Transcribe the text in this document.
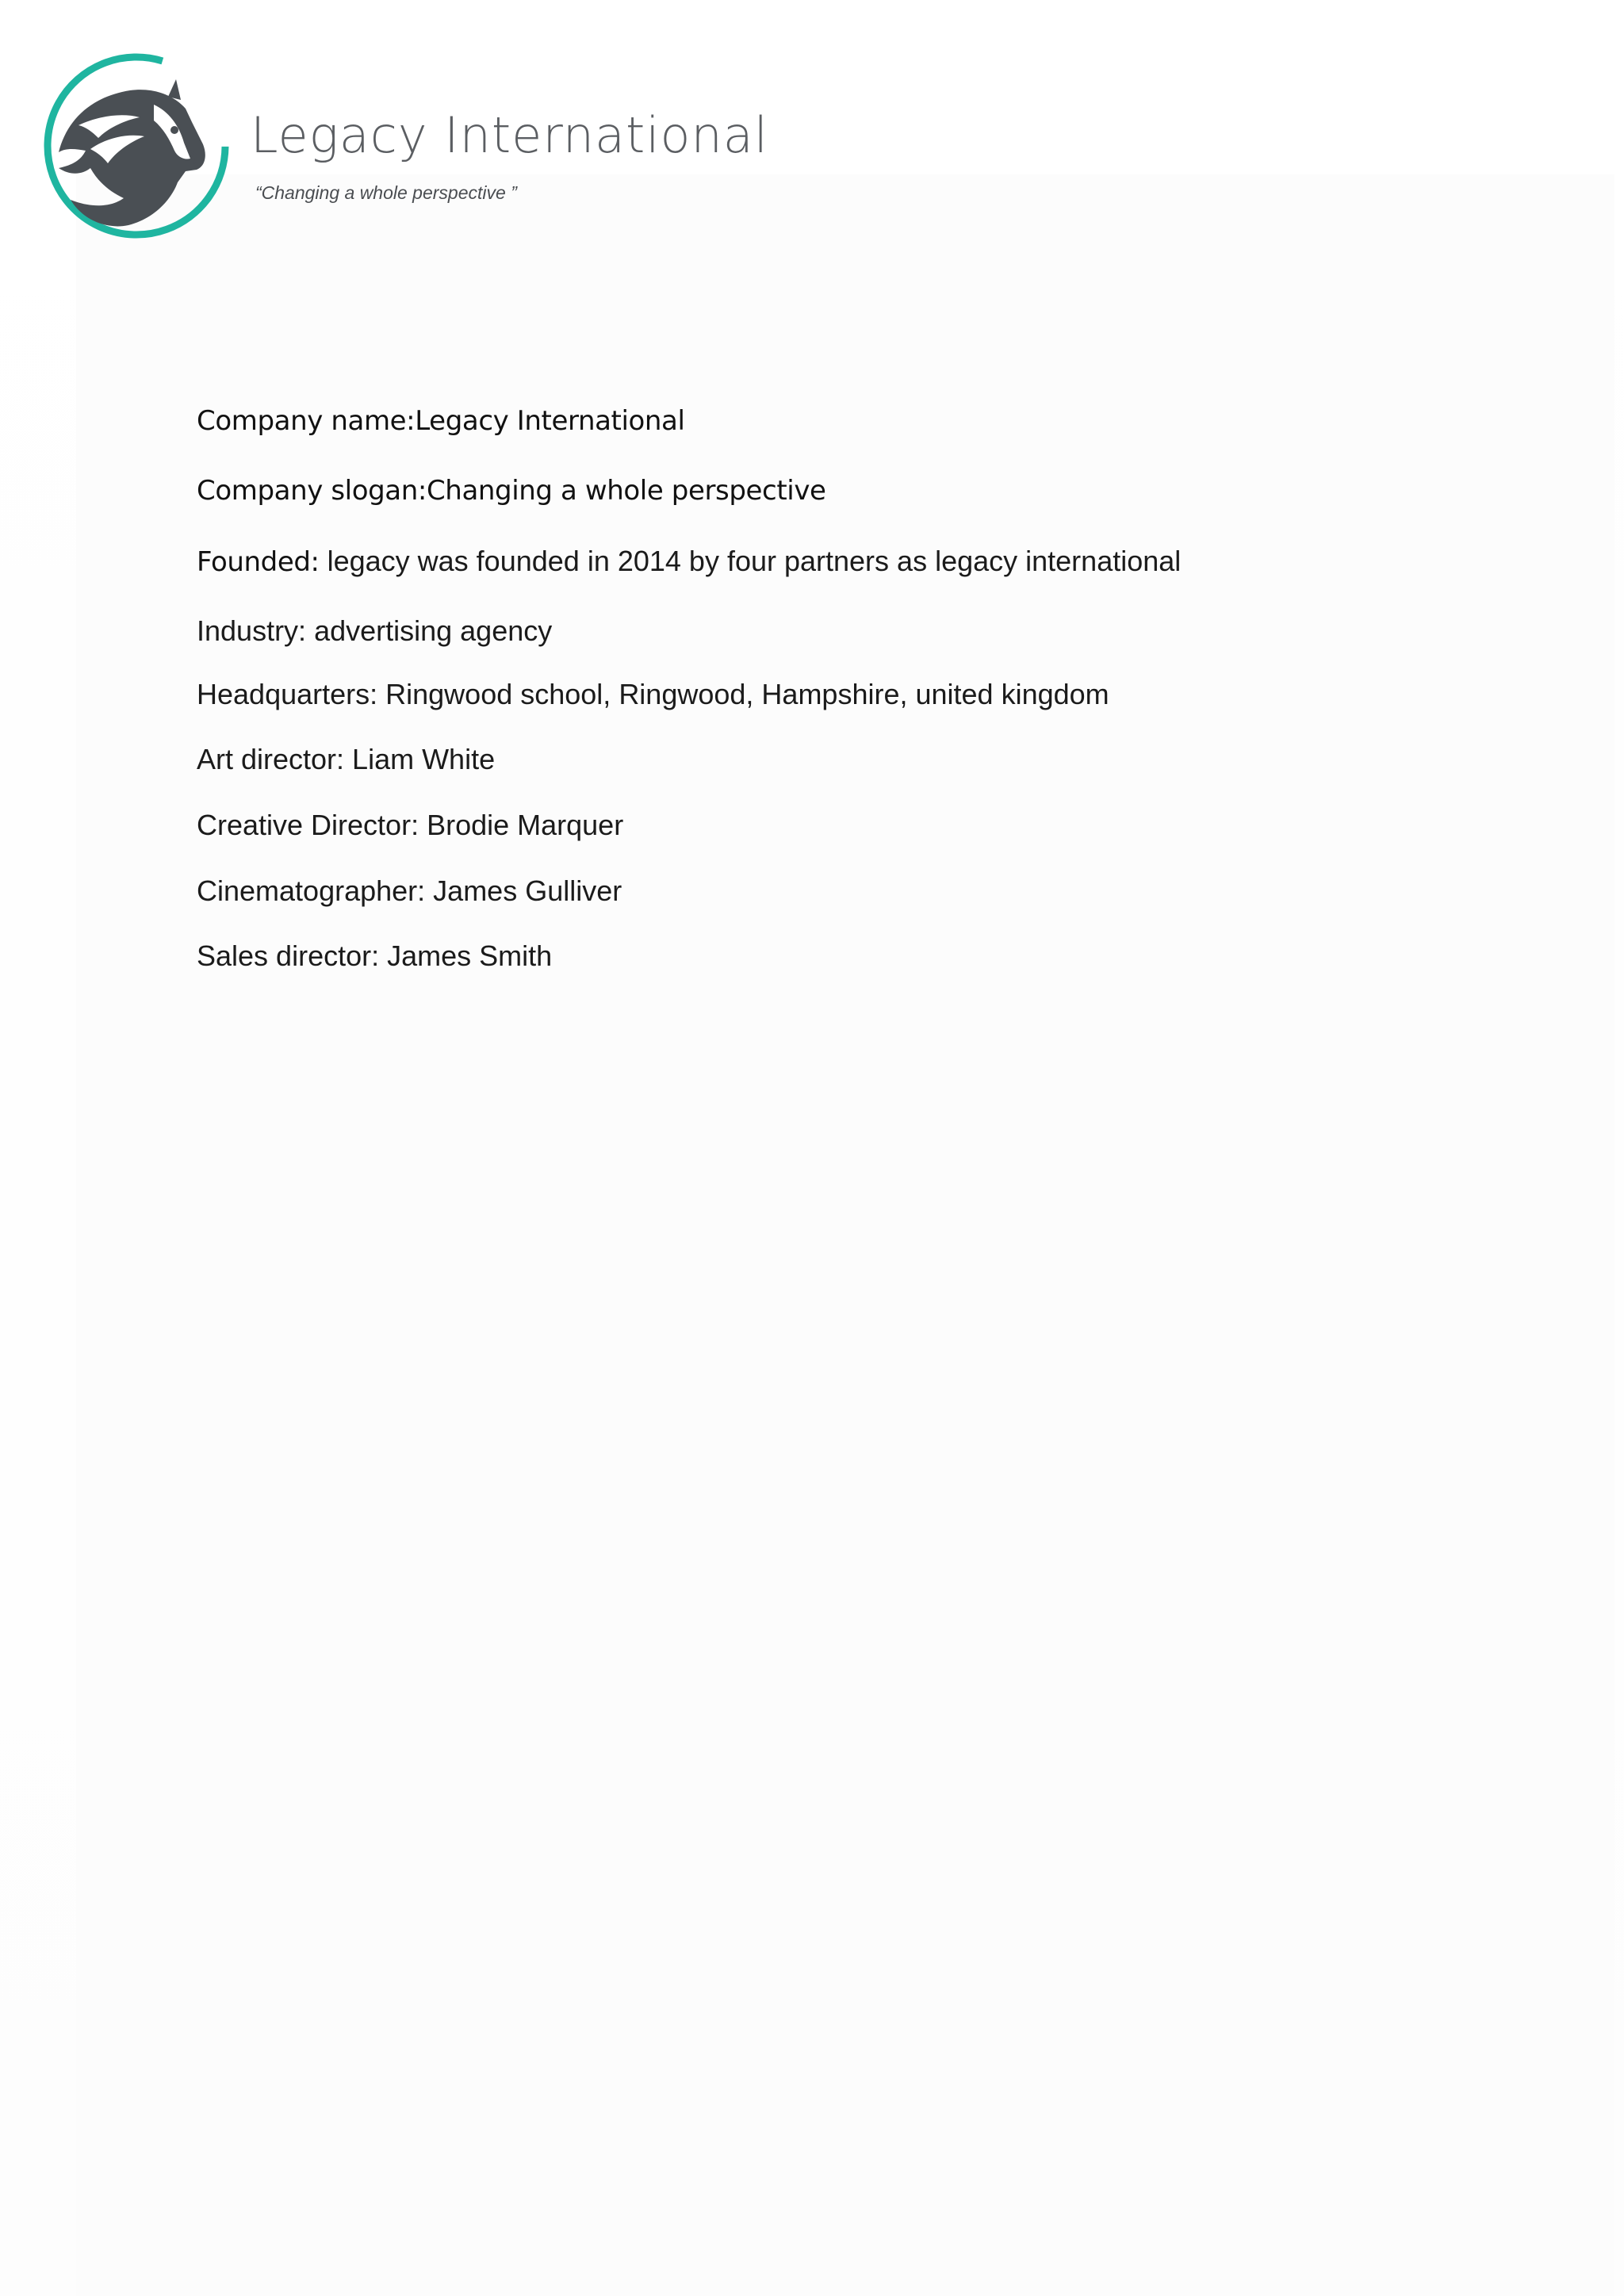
Legacy International
“Changing a whole perspective ”
Company name:Legacy International
Company slogan:Changing a whole perspective
Founded: legacy was founded in 2014 by four partners as legacy international
Industry: advertising agency
Headquarters: Ringwood school, Ringwood, Hampshire, united kingdom
Art director: Liam White
Creative Director: Brodie Marquer
Cinematographer: James Gulliver
Sales director: James Smith
